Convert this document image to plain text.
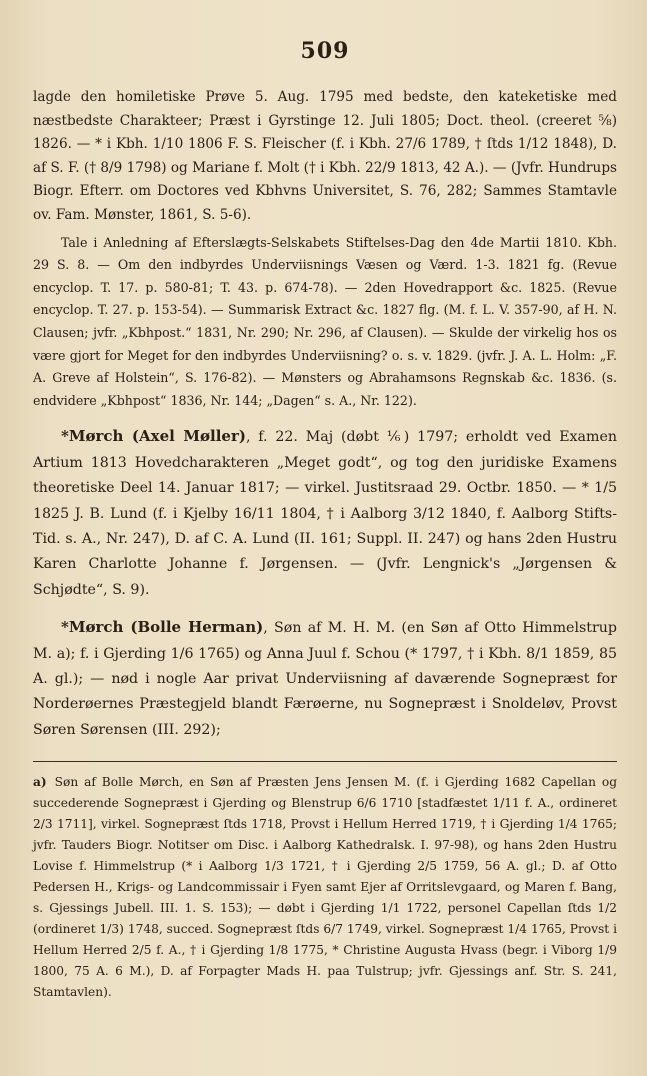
509

lagde den homiletiske Prøve 5. Aug. 1795 med bedste, den kateketiske med næstbedste Charakteer; Præst i Gyrstinge 12. Juli 1805; Doct. theol. (creeret ⅝) 1826. — * i Kbh. 1/10 1806 F. S. Fleischer (f. i Kbh. 27/6 1789, † ſtds 1/12 1848), D. af S. F. († 8/9 1798) og Mariane f. Molt († i Kbh. 22/9 1813, 42 A.). — (Jvfr. Hundrups Biogr. Efterr. om Doctores ved Kbhvns Universitet, S. 76, 282; Sammes Stamtavle ov. Fam. Mønster, 1861, S. 5-6).

Tale i Anledning af Efterslægts-Selskabets Stiftelses-Dag den 4de Martii 1810. Kbh. 29 S. 8. — Om den indbyrdes Underviisnings Væsen og Værd. 1-3. 1821 fg. (Revue encyclop. T. 17. p. 580-81; T. 43. p. 674-78). — 2den Hovedrapport &c. 1825. (Revue encyclop. T. 27. p. 153-54). — Summarisk Extract &c. 1827 flg. (M. f. L. V. 357-90, af H. N. Clausen; jvfr. „Kbhpost.“ 1831, Nr. 290; Nr. 296, af Clausen). — Skulde der virkelig hos os være gjort for Meget for den indbyrdes Underviisning? o. s. v. 1829. (jvfr. J. A. L. Holm: „F. A. Greve af Holstein“, S. 176-82). — Mønsters og Abrahamsons Regnskab &c. 1836. (s. endvidere „Kbhpost“ 1836, Nr. 144; „Dagen“ s. A., Nr. 122).

*Mørch (Axel Møller), f. 22. Maj (døbt ⅙) 1797; erholdt ved Examen Artium 1813 Hovedcharakteren „Meget godt“, og tog den juridiske Examens theoretiske Deel 14. Januar 1817; — virkel. Justitsraad 29. Octbr. 1850. — * 1/5 1825 J. B. Lund (f. i Kjelby 16/11 1804, † i Aalborg 3/12 1840, f. Aalborg Stifts-Tid. s. A., Nr. 247), D. af C. A. Lund (II. 161; Suppl. II. 247) og hans 2den Hustru Karen Charlotte Johanne f. Jørgensen. — (Jvfr. Lengnick's „Jørgensen & Schjødte“, S. 9).

*Mørch (Bolle Herman), Søn af M. H. M. (en Søn af Otto Himmelstrup M. a); f. i Gjerding 1/6 1765) og Anna Juul f. Schou (* 1797, † i Kbh. 8/1 1859, 85 A. gl.); — nød i nogle Aar privat Underviisning af daværende Sognepræst for Norderøernes Præstegjeld blandt Færøerne, nu Sognepræst i Snoldeløv, Provst Søren Sørensen (III. 292);

a) Søn af Bolle Mørch, en Søn af Præsten Jens Jensen M. (f. i Gjerding 1682 Capellan og succederende Sognepræst i Gjerding og Blenstrup 6/6 1710 [stadfæstet 1/11 f. A., ordineret 2/3 1711], virkel. Sognepræst ſtds 1718, Provst i Hellum Herred 1719, † i Gjerding 1/4 1765; jvfr. Tauders Biogr. Notitser om Disc. i Aalborg Kathedralsk. I. 97-98), og hans 2den Hustru Lovise f. Himmelstrup (* i Aalborg 1/3 1721, † i Gjerding 2/5 1759, 56 A. gl.; D. af Otto Pedersen H., Krigs- og Landcommissair i Fyen samt Ejer af Orritslevgaard, og Maren f. Bang, s. Gjessings Jubell. III. 1. S. 153); — døbt i Gjerding 1/1 1722, personel Capellan ſtds 1/2 (ordineret 1/3) 1748, succed. Sognepræst ſtds 6/7 1749, virkel. Sognepræst 1/4 1765, Provst i Hellum Herred 2/5 f. A., † i Gjerding 1/8 1775, * Christine Augusta Hvass (begr. i Viborg 1/9 1800, 75 A. 6 M.), D. af Forpagter Mads H. paa Tulstrup; jvfr. Gjessings anf. Str. S. 241, Stamtavlen).
